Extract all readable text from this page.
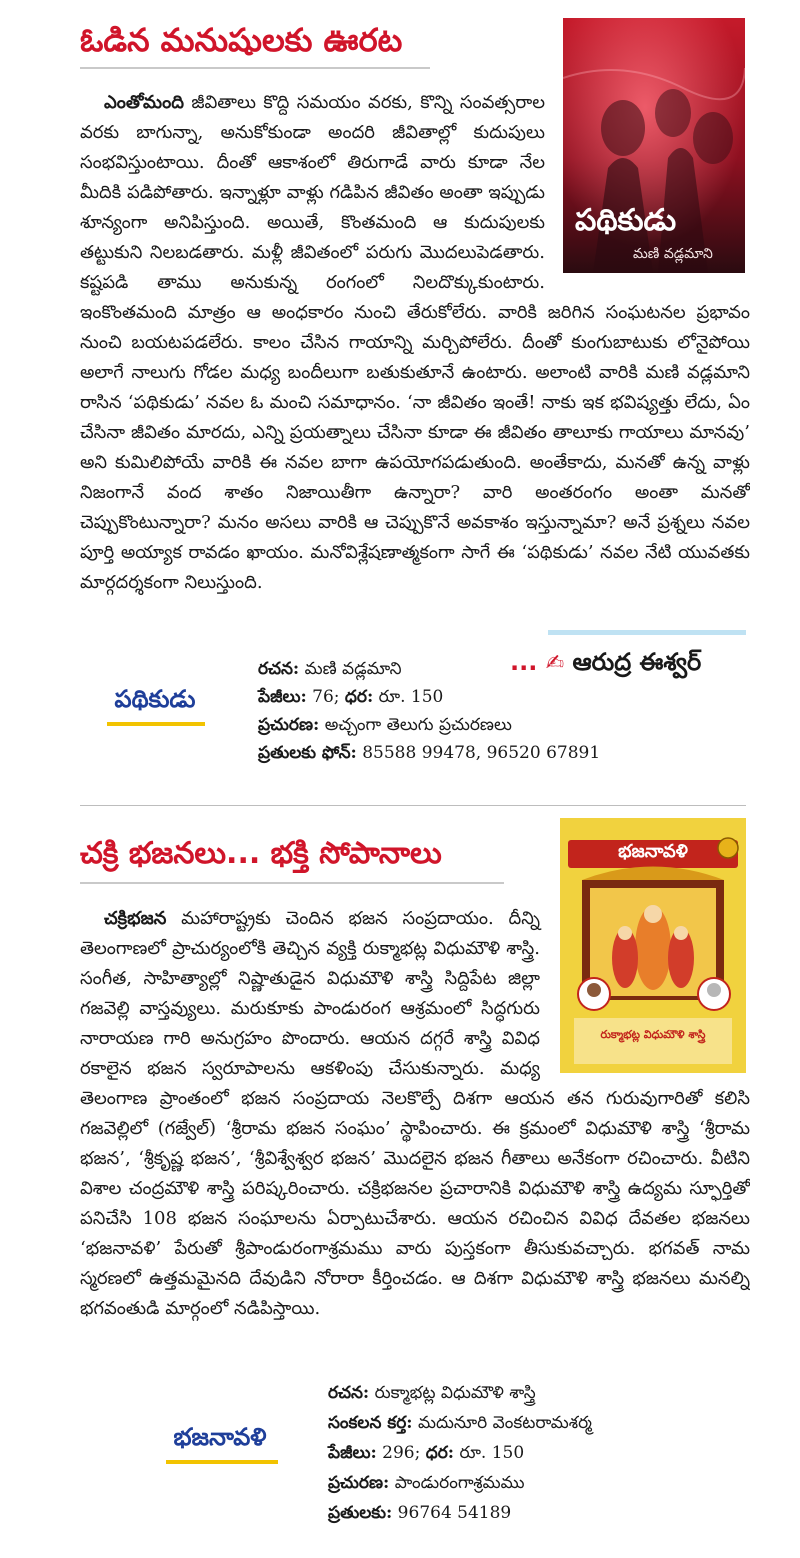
ఓడిన మనుషులకు ఊరట
పథికుడు
మణి వడ్లమాని

ఎంతోమంది జీవితాలు కొద్ది సమయం వరకు, కొన్ని సంవత్సరాల వరకు బాగున్నా, అనుకోకుండా అందరి జీవితాల్లో కుదుపులు సంభవిస్తుంటాయి. దీంతో ఆకాశంలో తిరుగాడే వారు కూడా నేల మీదికి పడిపోతారు. ఇన్నాళ్లూ వాళ్లు గడిపిన జీవితం అంతా ఇప్పుడు శూన్యంగా అనిపిస్తుంది. అయితే, కొంతమంది ఆ కుదుపులకు తట్టుకుని నిలబడతారు. మళ్లీ జీవితంలో పరుగు మొదలుపెడతారు. కష్టపడి తాము అనుకున్న రంగంలో నిలదొక్కుకుంటారు. ఇంకొంతమంది మాత్రం ఆ అంధకారం నుంచి తేరుకోలేరు. వారికి జరిగిన సంఘటనల ప్రభావం నుంచి బయటపడలేరు. కాలం చేసిన గాయాన్ని మర్చిపోలేరు. దీంతో కుంగుబాటుకు లోనైపోయి అలాగే నాలుగు గోడల మధ్య బందీలుగా బతుకుతూనే ఉంటారు. అలాంటి వారికి మణి వడ్లమాని రాసిన ‘పథికుడు’ నవల ఓ మంచి సమాధానం. ‘నా జీవితం ఇంతే! నాకు ఇక భవిష్యత్తు లేదు, ఏం చేసినా జీవితం మారదు, ఎన్ని ప్రయత్నాలు చేసినా కూడా ఈ జీవితం తాలూకు గాయాలు మానవు’ అని కుమిలిపోయే వారికి ఈ నవల బాగా ఉపయోగపడుతుంది. అంతేకాదు, మనతో ఉన్న వాళ్లు నిజంగానే వంద శాతం నిజాయితీగా ఉన్నారా? వారి అంతరంగం అంతా మనతో చెప్పుకొంటున్నారా? మనం అసలు వారికి ఆ చెప్పుకొనే అవకాశం ఇస్తున్నామా? అనే ప్రశ్నలు నవల పూర్తి అయ్యాక రావడం ఖాయం. మనోవిశ్లేషణాత్మకంగా సాగే ఈ ‘పథికుడు’ నవల నేటి యువతకు మార్గదర్శకంగా నిలుస్తుంది.

... ✍ ఆరుద్ర ఈశ్వర్
పథికుడు
రచన: మణి వడ్లమాని
పేజీలు: 76; ధర: రూ. 150
ప్రచురణ: అచ్చంగా తెలుగు ప్రచురణలు
ప్రతులకు ఫోన్: 85588 99478, 96520 67891
చక్రి భజనలు... భక్తి సోపానాలు	భజనావళి
రుక్మాభట్ల విధుమౌళి శాస్త్రి

చక్రిభజన మహారాష్ట్రకు చెందిన భజన సంప్రదాయం. దీన్ని తెలంగాణలో ప్రాచుర్యంలోకి తెచ్చిన వ్యక్తి రుక్మాభట్ల విధుమౌళి శాస్త్రి. సంగీత, సాహిత్యాల్లో నిష్ణాతుడైన విధుమౌళి శాస్త్రి సిద్దిపేట జిల్లా గజవెల్లి వాస్తవ్యులు. మరుకూకు పాండురంగ ఆశ్రమంలో సిద్ధగురు నారాయణ గారి అనుగ్రహం పొందారు. ఆయన దగ్గరే శాస్త్రి వివిధ రకాలైన భజన స్వరూపాలను ఆకళింపు చేసుకున్నారు. మధ్య తెలంగాణ ప్రాంతంలో భజన సంప్రదాయ నెలకొల్పే దిశగా ఆయన తన గురువుగారితో కలిసి గజవెల్లిలో (గజ్వేల్) ‘శ్రీరామ భజన సంఘం’ స్థాపించారు. ఈ క్రమంలో విధుమౌళి శాస్త్రి ‘శ్రీరామ భజన’, ‘శ్రీకృష్ణ భజన’, ‘శ్రీవిశ్వేశ్వర భజన’ మొదలైన భజన గీతాలు అనేకంగా రచించారు. వీటిని విశాల చంద్రమౌళి శాస్త్రి పరిష్కరించారు. చక్రిభజనల ప్రచారానికి విధుమౌళి శాస్త్రి ఉద్యమ స్ఫూర్తితో పనిచేసి 108 భజన సంఘాలను ఏర్పాటుచేశారు. ఆయన రచించిన వివిధ దేవతల భజనలు ‘భజనావళి’ పేరుతో శ్రీపాండురంగాశ్రమము వారు పుస్తకంగా తీసుకువచ్చారు. భగవత్ నామ స్మరణలో ఉత్తమమైనది దేవుడిని నోరారా కీర్తించడం. ఆ దిశగా విధుమౌళి శాస్త్రి భజనలు మనల్ని భగవంతుడి మార్గంలో నడిపిస్తాయి.

భజనావళి
రచన: రుక్మాభట్ల విధుమౌళి శాస్త్రి
సంకలన కర్త: మదునూరి వెంకటరామశర్మ
పేజీలు: 296; ధర: రూ. 150
ప్రచురణ: పాండురంగాశ్రమము
ప్రతులకు: 96764 54189
